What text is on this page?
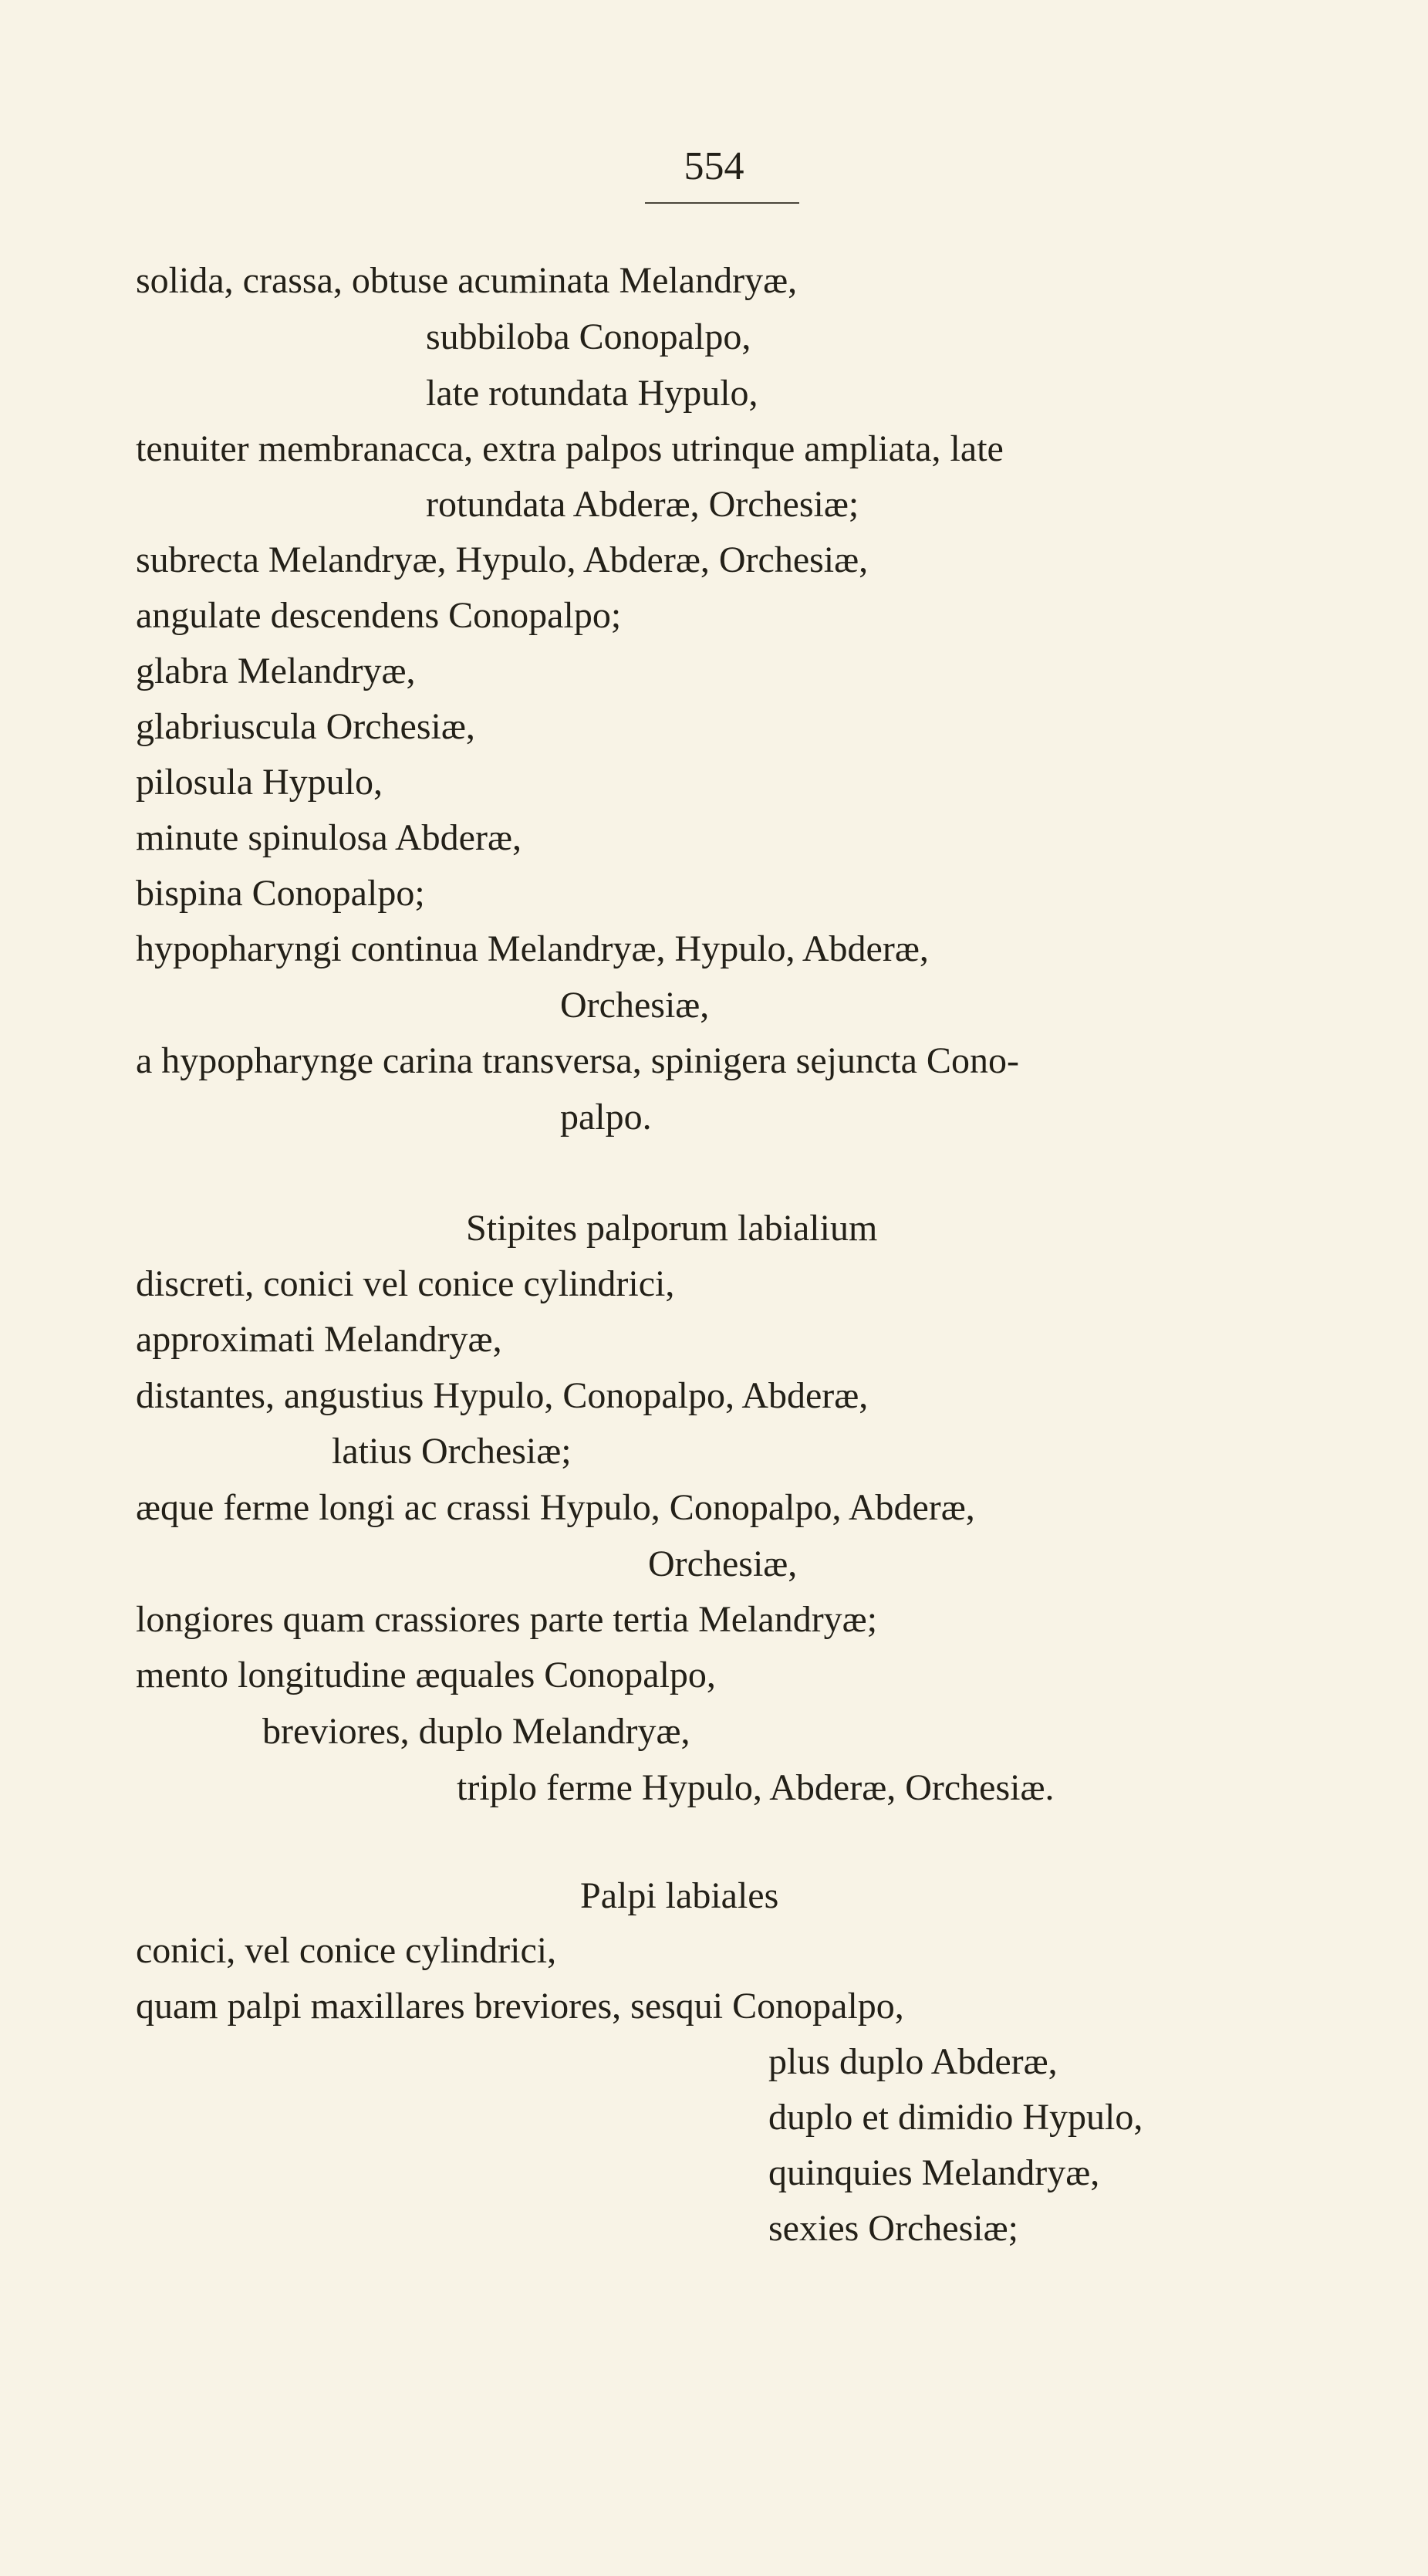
554
solida, crassa, obtuse acuminata Melandryæ,
subbiloba Conopalpo,
late rotundata Hypulo,
tenuiter membranacca, extra palpos utrinque ampliata, late
rotundata Abderæ, Orchesiæ;
subrecta Melandryæ, Hypulo, Abderæ, Orchesiæ,
angulate descendens Conopalpo;
glabra Melandryæ,
glabriuscula Orchesiæ,
pilosula Hypulo,
minute spinulosa Abderæ,
bispina Conopalpo;
hypopharyngi continua Melandryæ, Hypulo, Abderæ,
Orchesiæ,
a hypopharynge carina transversa, spinigera sejuncta Cono-
palpo.
Stipites palporum labialium
discreti, conici vel conice cylindrici,
approximati Melandryæ,
distantes, angustius Hypulo, Conopalpo, Abderæ,
latius Orchesiæ;
æque ferme longi ac crassi Hypulo, Conopalpo, Abderæ,
Orchesiæ,
longiores quam crassiores parte tertia Melandryæ;
mento longitudine æquales Conopalpo,
breviores, duplo Melandryæ,
triplo ferme Hypulo, Abderæ, Orchesiæ.
Palpi labiales
conici, vel conice cylindrici,
quam palpi maxillares breviores, sesqui Conopalpo,
plus duplo Abderæ,
duplo et dimidio Hypulo,
quinquies Melandryæ,
sexies Orchesiæ;
